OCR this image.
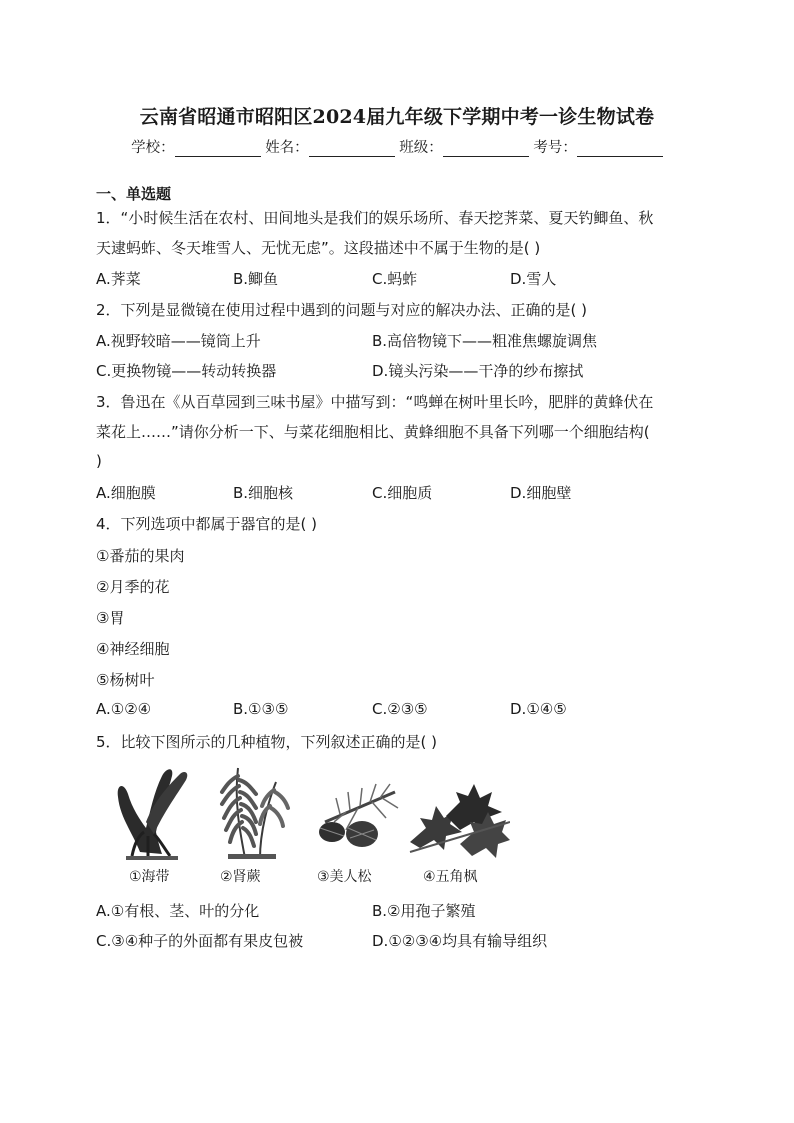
云南省昭通市昭阳区2024届九年级下学期中考一诊生物试卷
学校：	姓名：	班级：	考号：
一、单选题
1．“小时候生活在农村、田间地头是我们的娱乐场所、春天挖荠菜、夏天钓鲫鱼、秋
天逮蚂蚱、冬天堆雪人、无忧无虑”。这段描述中不属于生物的是( )
A.荠菜	B.鲫鱼	C.蚂蚱	D.雪人
2．下列是显微镜在使用过程中遇到的问题与对应的解决办法、正确的是( )
A.视野较暗——镜筒上升	B.高倍物镜下——粗准焦螺旋调焦
C.更换物镜——转动转换器	D.镜头污染——干净的纱布擦拭
3．鲁迅在《从百草园到三味书屋》中描写到：“鸣蝉在树叶里长吟，肥胖的黄蜂伏在
菜花上……”请你分析一下、与菜花细胞相比、黄蜂细胞不具备下列哪一个细胞结构(
)
A.细胞膜	B.细胞核	C.细胞质	D.细胞壁
4．下列选项中都属于器官的是( )
①番茄的果肉
②月季的花
③胃
④神经细胞
⑤杨树叶
A.①②④	B.①③⑤	C.②③⑤	D.①④⑤
5．比较下图所示的几种植物，下列叙述正确的是( )
①海带	②肾蕨	③美人松	④五角枫
A.①有根、茎、叶的分化	B.②用孢子繁殖
C.③④种子的外面都有果皮包被	D.①②③④均具有输导组织
